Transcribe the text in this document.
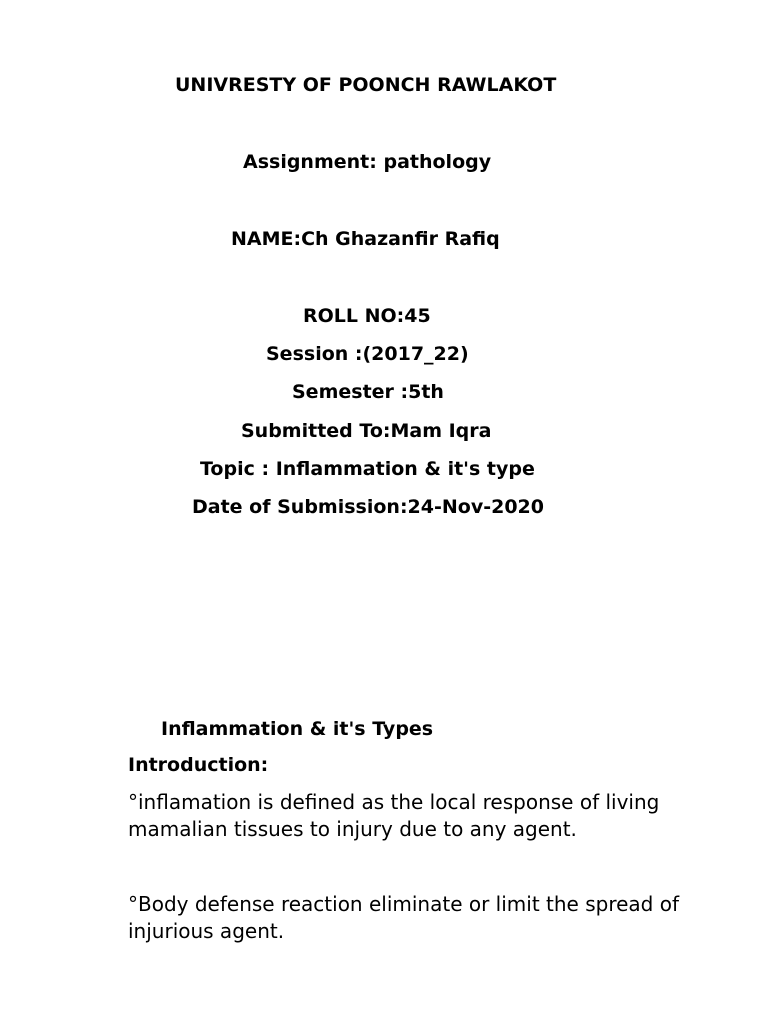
UNIVRESTY OF POONCH RAWLAKOT
Assignment: pathology
NAME:Ch Ghazanfir Rafiq
ROLL NO:45
Session :(2017_22)
Semester :5th
Submitted To:Mam Iqra
Topic : Inflammation & it's type
Date of Submission:24-Nov-2020
Inflammation & it's Types
Introduction:
°inflamation is defined as the local response of living mamalian tissues to injury due to any agent.
°Body defense reaction eliminate or limit the spread of injurious agent.
